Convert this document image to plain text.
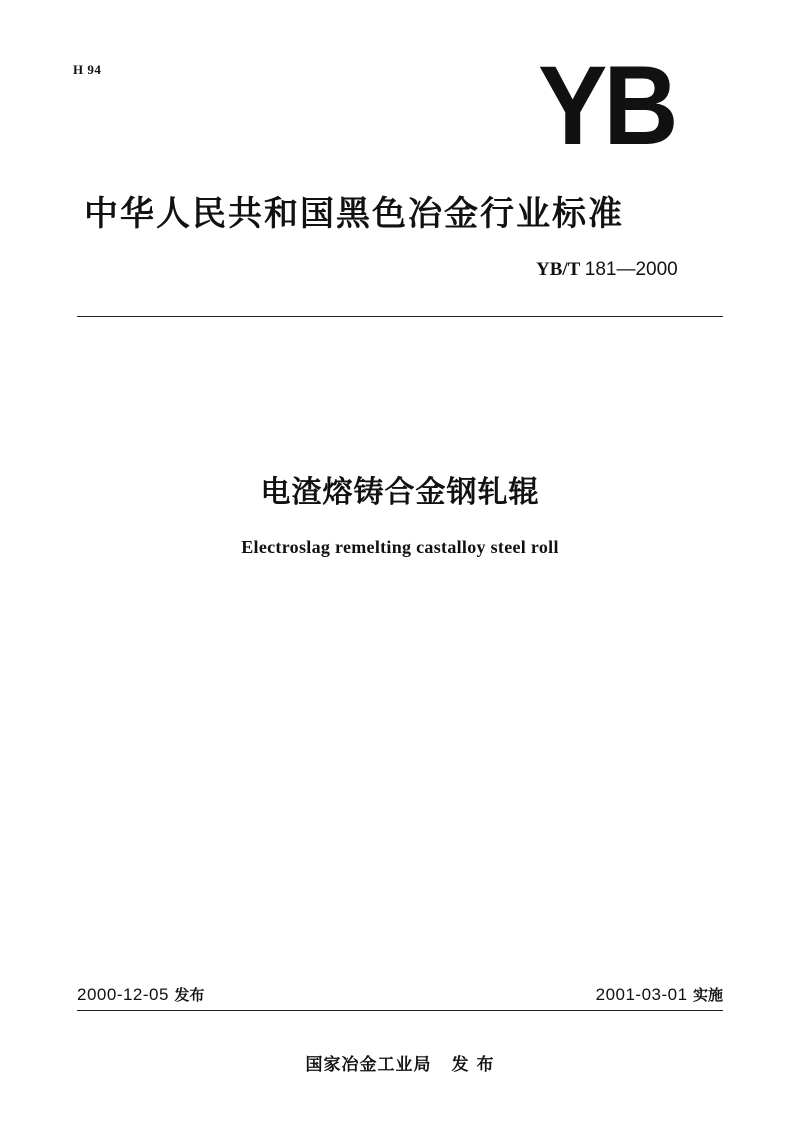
H 94	YB
中华人民共和国黑色冶金行业标准
YB/T 181—2000
电渣熔铸合金钢轧辊
Electroslag remelting castalloy steel roll
2000-12-05 发布	2001-03-01 实施
国家冶金工业局 发 布
